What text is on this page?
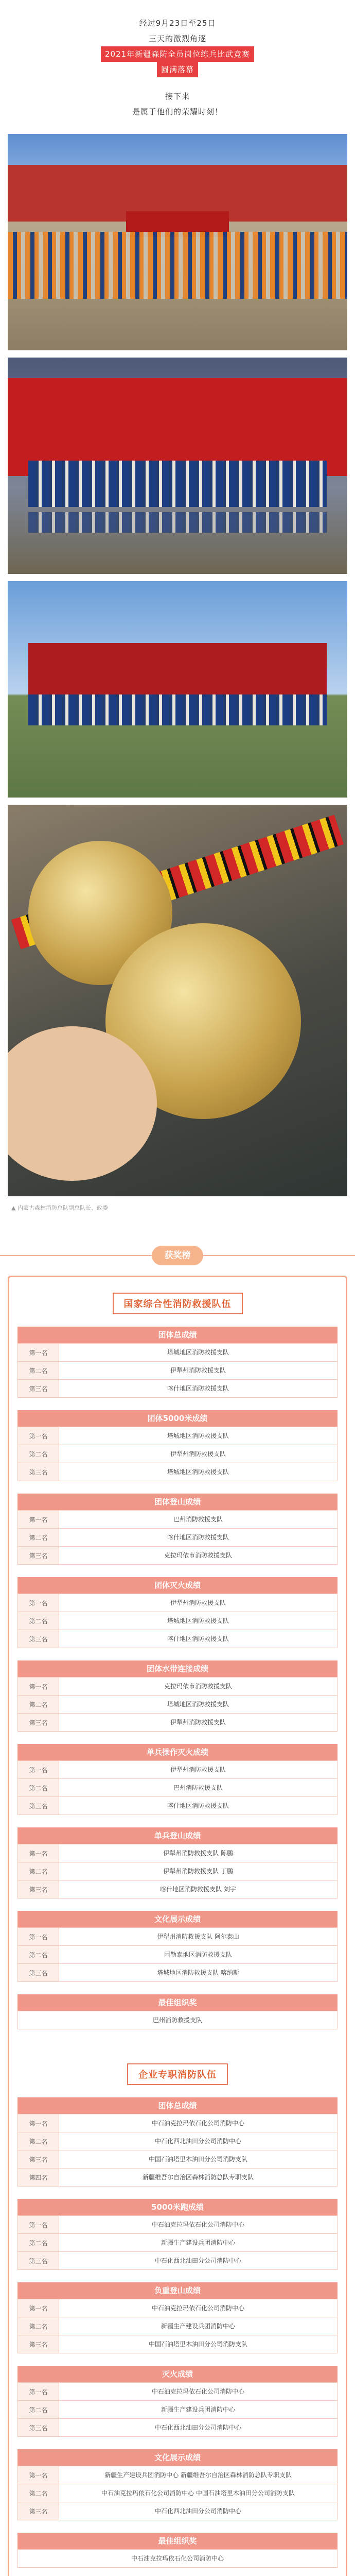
经过9月23日至25日

三天的激烈角逐

2021年新疆森防全员岗位练兵比武竞赛

圆满落幕

接下来

是属于他们的荣耀时刻！

▲ 内蒙古森林消防总队副总队长、政委
获奖榜
国家综合性消防救援队伍
团体总成绩
第一名	塔城地区消防救援支队
第二名	伊犁州消防救援支队
第三名	喀什地区消防救援支队
团体5000米成绩
第一名	塔城地区消防救援支队
第二名	伊犁州消防救援支队
第三名	塔城地区消防救援支队
团体登山成绩
第一名	巴州消防救援支队
第二名	喀什地区消防救援支队
第三名	克拉玛依市消防救援支队
团体灭火成绩
第一名	伊犁州消防救援支队
第二名	塔城地区消防救援支队
第三名	喀什地区消防救援支队
团体水带连接成绩
第一名	克拉玛依市消防救援支队
第二名	塔城地区消防救援支队
第三名	伊犁州消防救援支队
单兵操作灭火成绩
第一名	伊犁州消防救援支队
第二名	巴州消防救援支队
第三名	喀什地区消防救援支队
单兵登山成绩
第一名	伊犁州消防救援支队 陈鹏
第二名	伊犁州消防救援支队 丁鹏
第三名	喀什地区消防救援支队 刘宇
文化展示成绩
第一名	伊犁州消防救援支队 阿尔泰山
第二名	阿勒泰地区消防救援支队
第三名	塔城地区消防救援支队 喀纳斯
最佳组织奖
巴州消防救援支队
企业专职消防队伍
团体总成绩
第一名	中石油克拉玛依石化公司消防中心
第二名	中石化西北油田分公司消防中心
第三名	中国石油塔里木油田分公司消防支队
第四名	新疆维吾尔自治区森林消防总队专职支队
5000米跑成绩
第一名	中石油克拉玛依石化公司消防中心
第二名	新疆生产建设兵团消防中心
第三名	中石化西北油田分公司消防中心
负重登山成绩
第一名	中石油克拉玛依石化公司消防中心
第二名	新疆生产建设兵团消防中心
第三名	中国石油塔里木油田分公司消防支队
灭火成绩
第一名	中石油克拉玛依石化公司消防中心
第二名	新疆生产建设兵团消防中心
第三名	中石化西北油田分公司消防中心
文化展示成绩
第一名	新疆生产建设兵团消防中心 新疆维吾尔自治区森林消防总队专职支队
第二名	中石油克拉玛依石化公司消防中心 中国石油塔里木油田分公司消防支队
第三名	中石化西北油田分公司消防中心
最佳组织奖
中石油克拉玛依石化公司消防中心
